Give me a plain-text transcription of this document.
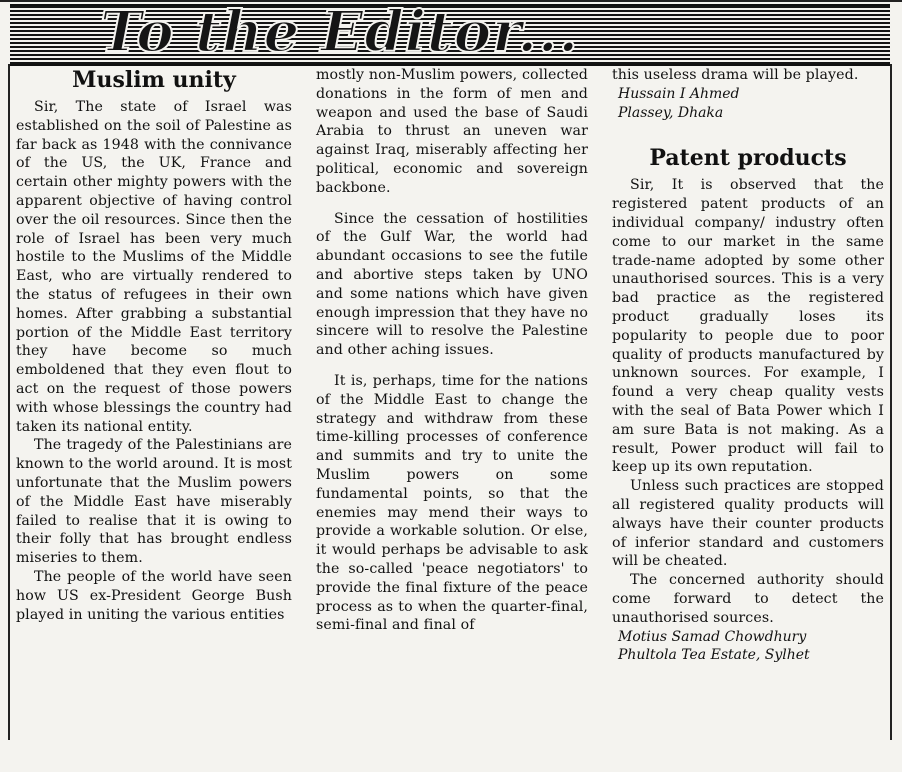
To the Editor...
Muslim unity

Sir, The state of Israel was established on the soil of Palestine as far back as 1948 with the connivance of the US, the UK, France and certain other mighty powers with the apparent objective of having control over the oil resources. Since then the role of Israel has been very much hostile to the Muslims of the Middle East, who are virtually rendered to the status of refugees in their own homes. After grabbing a substantial portion of the Middle East territory they have become so much emboldened that they even flout to act on the request of those powers with whose blessings the country had taken its national entity.

The tragedy of the Palestinians are known to the world around. It is most unfortunate that the Muslim powers of the Middle East have miserably failed to realise that it is owing to their folly that has brought endless miseries to them.

The people of the world have seen how US ex-President George Bush played in uniting the various entities

mostly non-Muslim powers, collected donations in the form of men and weapon and used the base of Saudi Arabia to thrust an uneven war against Iraq, miserably affecting her political, economic and sovereign backbone.

Since the cessation of hostilities of the Gulf War, the world had abundant occasions to see the futile and abortive steps taken by UNO and some nations which have given enough impression that they have no sincere will to resolve the Palestine and other aching issues.

It is, perhaps, time for the nations of the Middle East to change the strategy and withdraw from these time-killing processes of conference and summits and try to unite the Muslim powers on some fundamental points, so that the enemies may mend their ways to provide a workable solution. Or else, it would perhaps be advisable to ask the so-called 'peace negotiators' to provide the final fixture of the peace process as to when the quarter-final, semi-final and final of

this useless drama will be played.

Hussain I Ahmed

Plassey, Dhaka

Patent products

Sir, It is observed that the registered patent products of an individual company/ industry often come to our market in the same trade-name adopted by some other unauthorised sources. This is a very bad practice as the registered product gradually loses its popularity to people due to poor quality of products manufactured by unknown sources. For example, I found a very cheap quality vests with the seal of Bata Power which I am sure Bata is not making. As a result, Power product will fail to keep up its own reputation.

Unless such practices are stopped all registered quality products will always have their counter products of inferior standard and customers will be cheated.

The concerned authority should come forward to detect the unauthorised sources.

Motius Samad Chowdhury

Phultola Tea Estate, Sylhet
